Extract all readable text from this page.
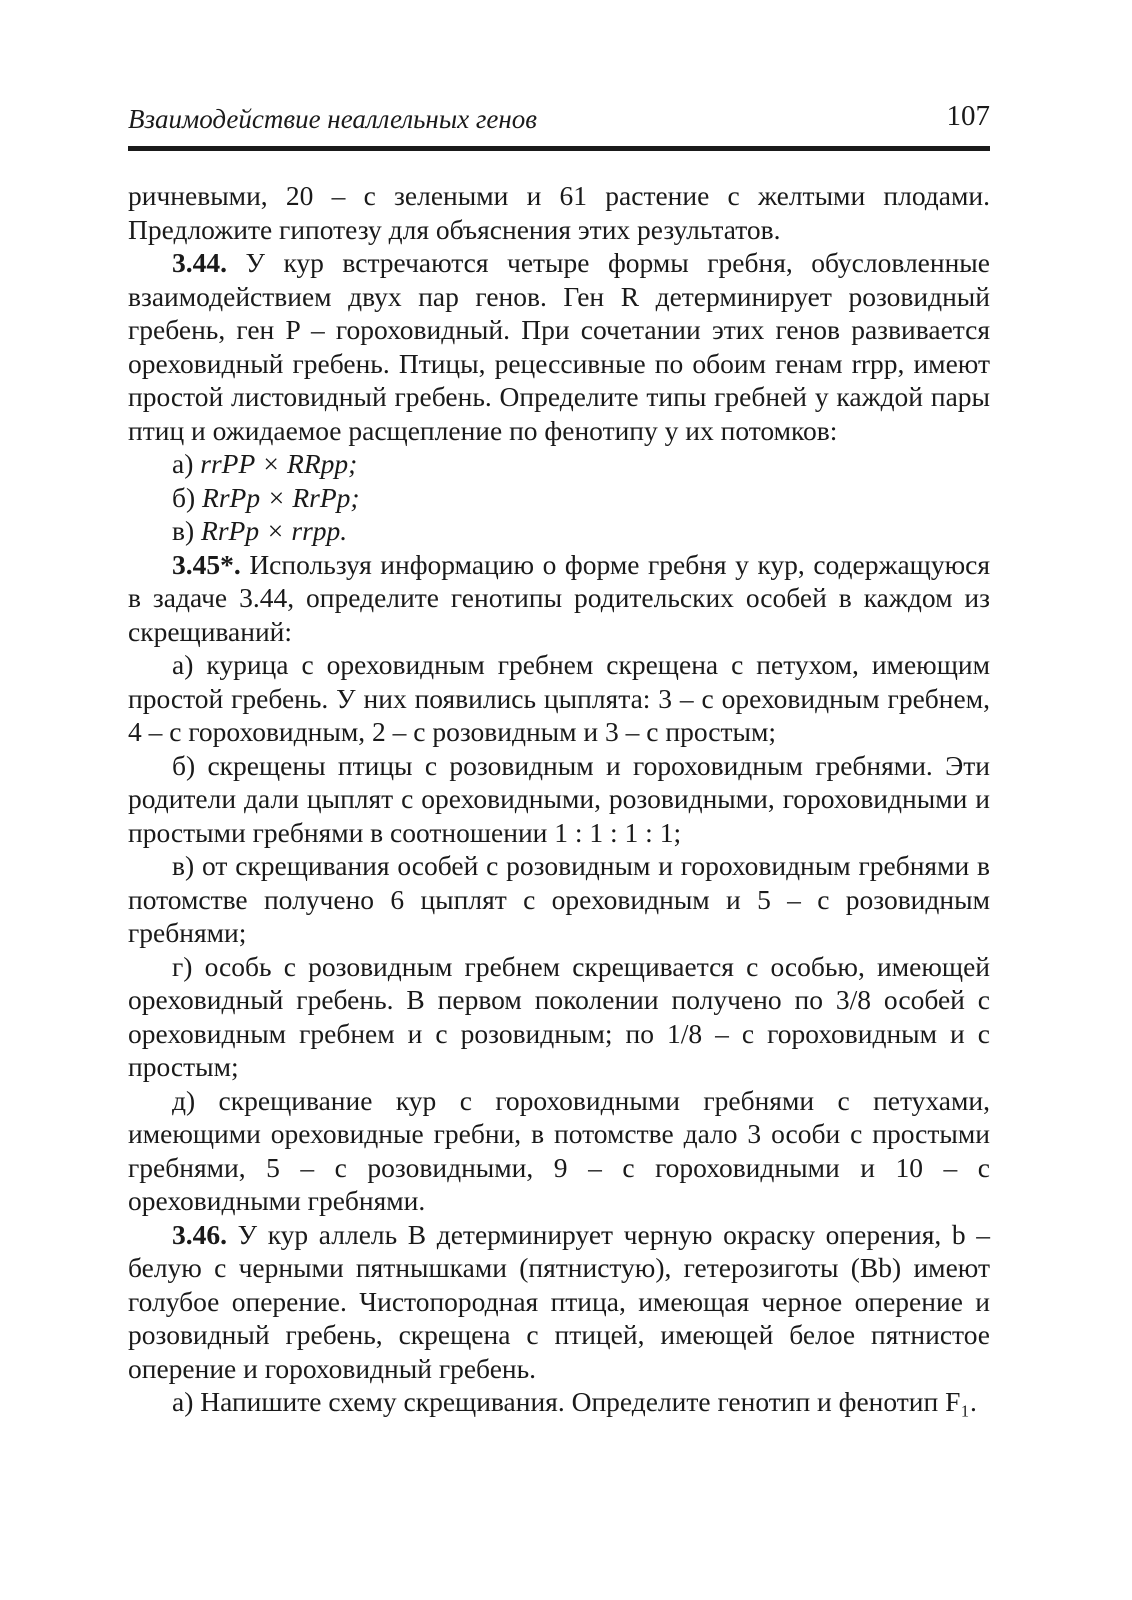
Взаимодействие неаллельных генов	107

ричневыми, 20 – с зелеными и 61 растение с желтыми плодами. Предложите гипотезу для объяснения этих результатов.

3.44. У кур встречаются четыре формы гребня, обусловленные взаимодействием двух пар генов. Ген R детерминирует розовидный гребень, ген P – гороховидный. При сочетании этих генов развивается ореховидный гребень. Птицы, рецессивные по обоим генам rrpp, имеют простой листовидный гребень. Определите типы гребней у каждой пары птиц и ожидаемое расщепление по фенотипу у их потомков:

а) rrPP × RRpp;

б) RrPp × RrPp;

в) RrPp × rrpp.

3.45*. Используя информацию о форме гребня у кур, содержащуюся в задаче 3.44, определите генотипы родительских особей в каждом из скрещиваний:

а) курица с ореховидным гребнем скрещена с петухом, имеющим простой гребень. У них появились цыплята: 3 – с ореховидным гребнем, 4 – с гороховидным, 2 – с розовидным и 3 – с простым;

б) скрещены птицы с розовидным и гороховидным гребнями. Эти родители дали цыплят с ореховидными, розовидными, гороховидными и простыми гребнями в соотношении 1 : 1 : 1 : 1;

в) от скрещивания особей с розовидным и гороховидным гребнями в потомстве получено 6 цыплят с ореховидным и 5 – с розовидным гребнями;

г) особь с розовидным гребнем скрещивается с особью, имеющей ореховидный гребень. В первом поколении получено по 3/8 особей с ореховидным гребнем и с розовидным; по 1/8 – с гороховидным и с простым;

д) скрещивание кур с гороховидными гребнями с петухами, имеющими ореховидные гребни, в потомстве дало 3 особи с простыми гребнями, 5 – с розовидными, 9 – с гороховидными и 10 – с ореховидными гребнями.

3.46. У кур аллель B детерминирует черную окраску оперения, b – белую с черными пятнышками (пятнистую), гетерозиготы (Bb) имеют голубое оперение. Чистопородная птица, имеющая черное оперение и розовидный гребень, скрещена с птицей, имеющей белое пятнистое оперение и гороховидный гребень.

а) Напишите схему скрещивания. Определите генотип и фенотип F₁.
